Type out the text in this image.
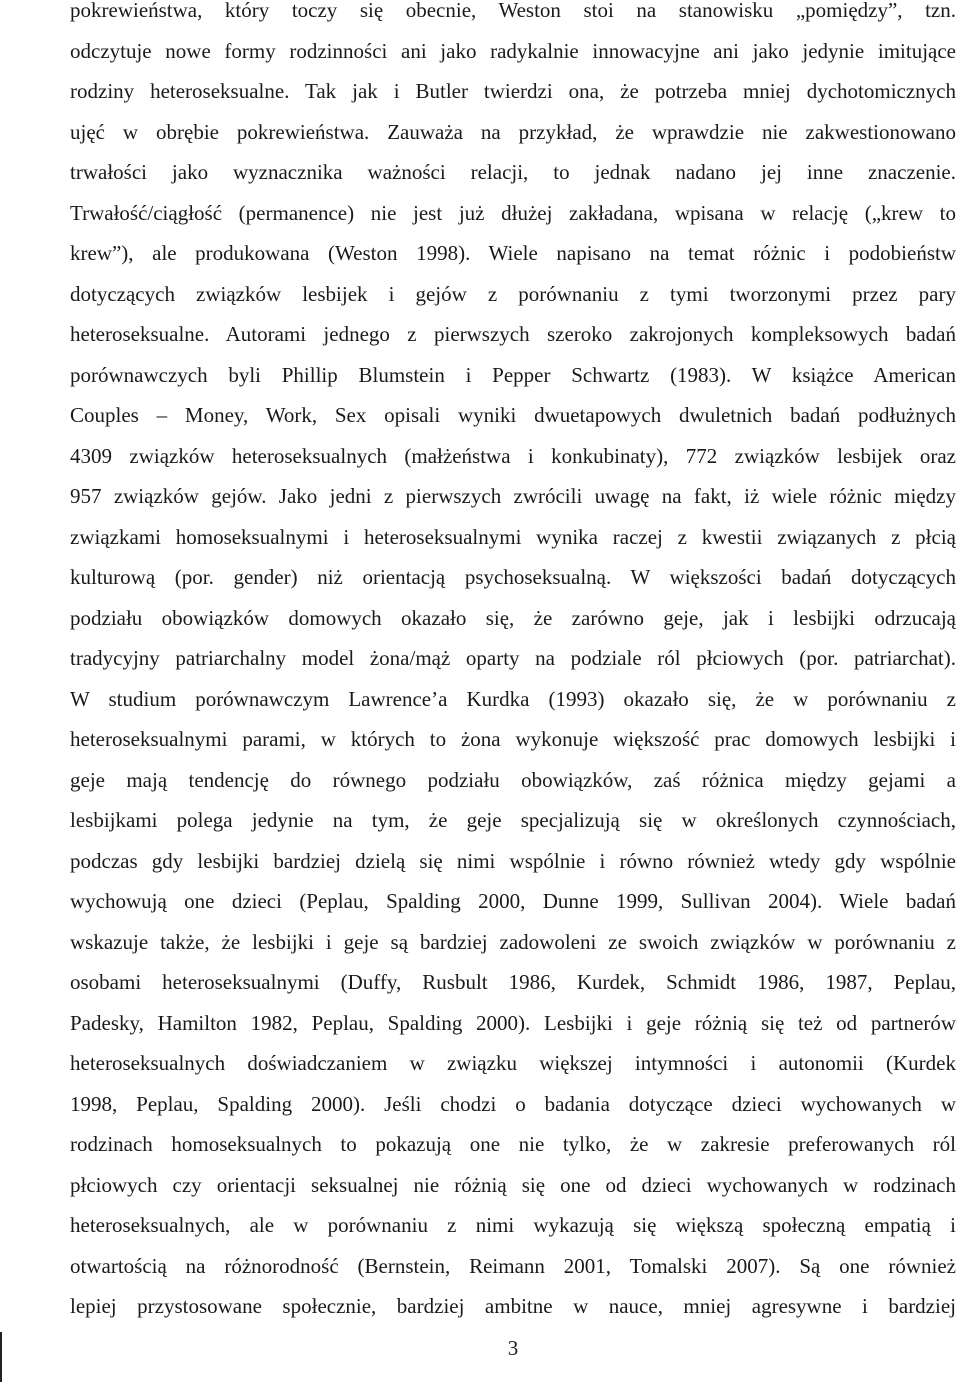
pokrewieństwa, który toczy się obecnie, Weston stoi na stanowisku „pomiędzy”, tzn.
odczytuje nowe formy rodzinności ani jako radykalnie innowacyjne ani jako jedynie imitujące
rodziny heteroseksualne. Tak jak i Butler twierdzi ona, że potrzeba mniej dychotomicznych
ujęć w obrębie pokrewieństwa. Zauważa na przykład, że wprawdzie nie zakwestionowano
trwałości jako wyznacznika ważności relacji, to jednak nadano jej inne znaczenie.
Trwałość/ciągłość (permanence) nie jest już dłużej zakładana, wpisana w relację („krew to
krew”), ale produkowana (Weston 1998). Wiele napisano na temat różnic i podobieństw
dotyczących związków lesbijek i gejów z porównaniu z tymi tworzonymi przez pary
heteroseksualne. Autorami jednego z pierwszych szeroko zakrojonych kompleksowych badań
porównawczych byli Phillip Blumstein i Pepper Schwartz (1983). W książce American
Couples – Money, Work, Sex opisali wyniki dwuetapowych dwuletnich badań podłużnych
4309 związków heteroseksualnych (małżeństwa i konkubinaty), 772 związków lesbijek oraz
957 związków gejów. Jako jedni z pierwszych zwrócili uwagę na fakt, iż wiele różnic między
związkami homoseksualnymi i heteroseksualnymi wynika raczej z kwestii związanych z płcią
kulturową (por. gender) niż orientacją psychoseksualną. W większości badań dotyczących
podziału obowiązków domowych okazało się, że zarówno geje, jak i lesbijki odrzucają
tradycyjny patriarchalny model żona/mąż oparty na podziale ról płciowych (por. patriarchat).
W studium porównawczym Lawrence’a Kurdka (1993) okazało się, że w porównaniu z
heteroseksualnymi parami, w których to żona wykonuje większość prac domowych lesbijki i
geje mają tendencję do równego podziału obowiązków, zaś różnica między gejami a
lesbijkami polega jedynie na tym, że geje specjalizują się w określonych czynnościach,
podczas gdy lesbijki bardziej dzielą się nimi wspólnie i równo również wtedy gdy wspólnie
wychowują one dzieci (Peplau, Spalding 2000, Dunne 1999, Sullivan 2004). Wiele badań
wskazuje także, że lesbijki i geje są bardziej zadowoleni ze swoich związków w porównaniu z
osobami heteroseksualnymi (Duffy, Rusbult 1986, Kurdek, Schmidt 1986, 1987, Peplau,
Padesky, Hamilton 1982, Peplau, Spalding 2000). Lesbijki i geje różnią się też od partnerów
heteroseksualnych doświadczaniem w związku większej intymności i autonomii (Kurdek
1998, Peplau, Spalding 2000). Jeśli chodzi o badania dotyczące dzieci wychowanych w
rodzinach homoseksualnych to pokazują one nie tylko, że w zakresie preferowanych ról
płciowych czy orientacji seksualnej nie różnią się one od dzieci wychowanych w rodzinach
heteroseksualnych, ale w porównaniu z nimi wykazują się większą społeczną empatią i
otwartością na różnorodność (Bernstein, Reimann 2001, Tomalski 2007). Są one również
lepiej przystosowane społecznie, bardziej ambitne w nauce, mniej agresywne i bardziej
3
